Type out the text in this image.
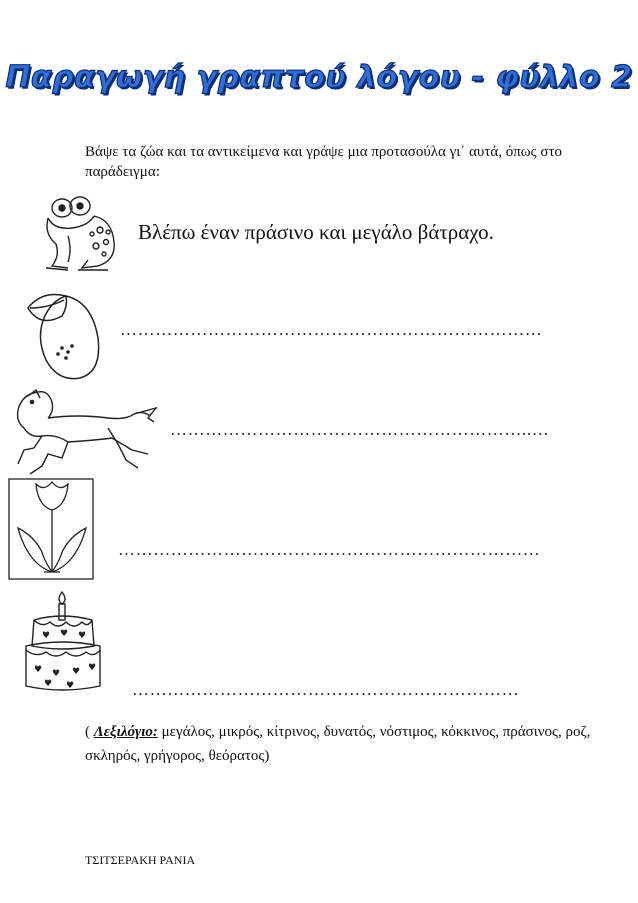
Παραγωγή γραπτού λόγου - φύλλο 2
Βάψε τα ζώα και τα αντικείμενα και γράψε μια προτασούλα γι΄ αυτά, όπως στο παράδειγμα:
Βλέπω έναν πράσινο και μεγάλο βάτραχο.
………………………………………………………………
……………………………………………………..…
………………………………………………………………
♥ ♥ ♥
♥ ♥ ♥ ♥
♥ ♥	…………………………………………………………
( Λεξιλόγιο: μεγάλος, μικρός, κίτρινος, δυνατός, νόστιμος, κόκκινος, πράσινος, ροζ, σκληρός, γρήγορος, θεόρατος)
ΤΣΙΤΣΕΡΑΚΗ ΡΑΝΙΑ
